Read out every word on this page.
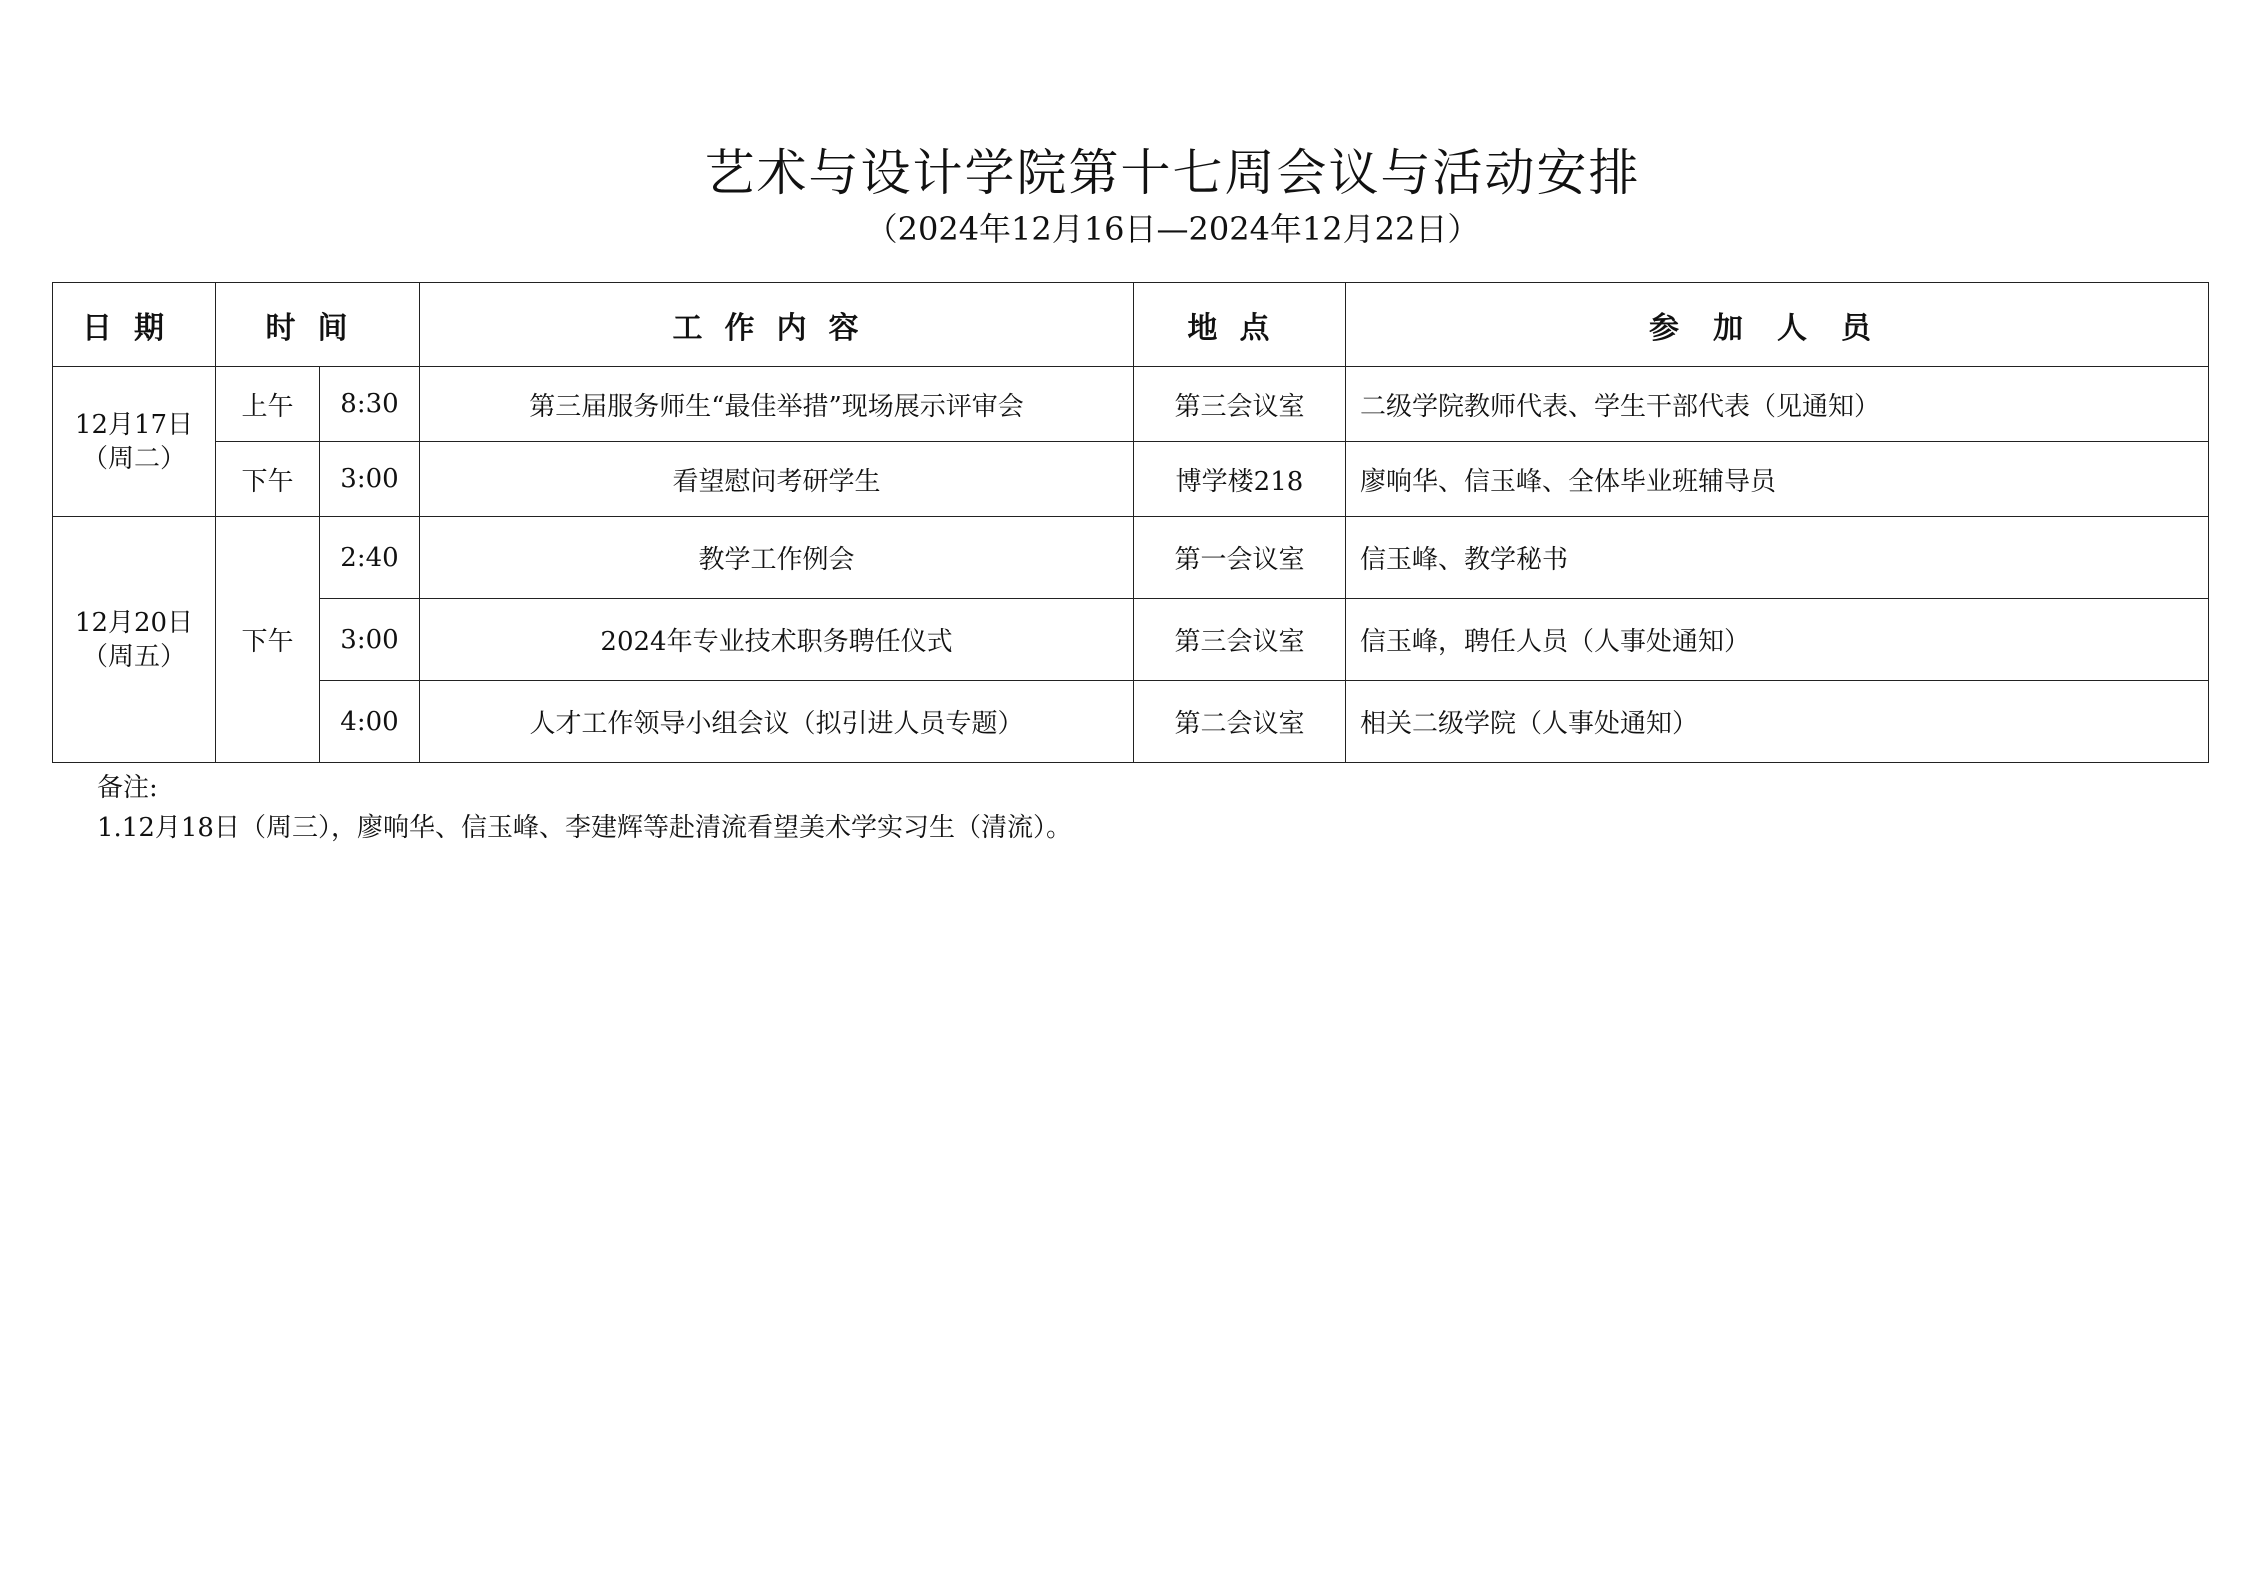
艺术与设计学院第十七周会议与活动安排
（2024年12月16日—2024年12月22日）
日期	时间		工作内容	地点	参加人员

12月17日
（周二）	上午	8:30	第三届服务师生“最佳举措”现场展示评审会	第三会议室	二级学院教师代表、学生干部代表（见通知）
	下午	3:00	看望慰问考研学生	博学楼218	廖响华、信玉峰、全体毕业班辅导员

12月20日
（周五）	下午	2:40	教学工作例会	第一会议室	信玉峰、教学秘书
		3:00	2024年专业技术职务聘任仪式	第三会议室	信玉峰，聘任人员（人事处通知）
		4:00	人才工作领导小组会议（拟引进人员专题）	第二会议室	相关二级学院（人事处通知）
备注:
1.12月18日（周三），廖响华、信玉峰、李建辉等赴清流看望美术学实习生（清流）。
